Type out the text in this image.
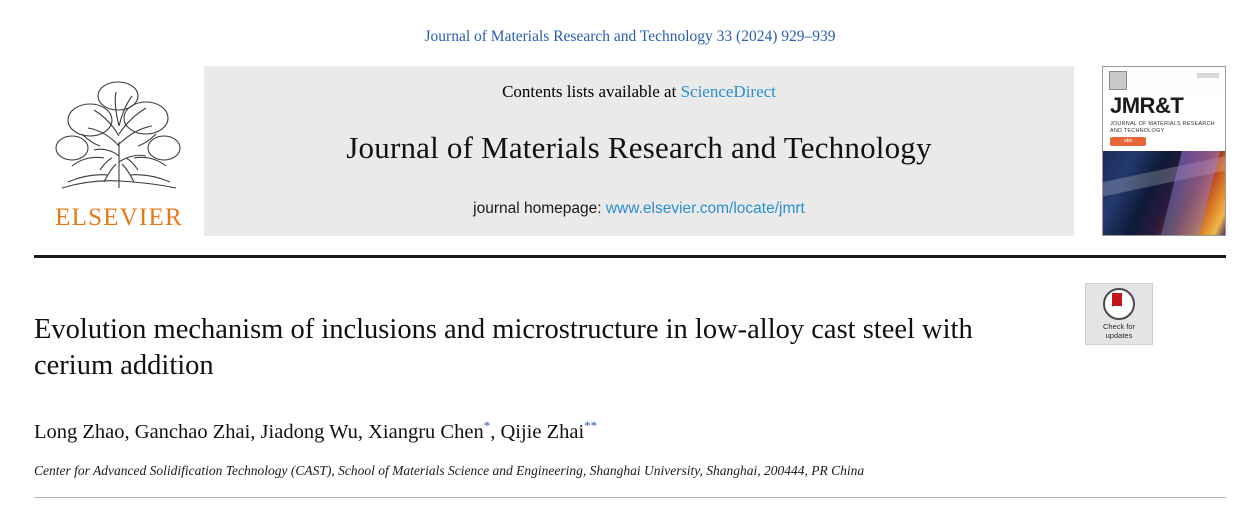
Journal of Materials Research and Technology 33 (2024) 929–939
ELSEVIER
Contents lists available at ScienceDirect
Journal of Materials Research and Technology
journal homepage: www.elsevier.com/locate/jmrt
JMR&T
JOURNAL OF MATERIALS RESEARCH AND TECHNOLOGY
abs
Evolution mechanism of inclusions and microstructure in low-alloy cast steel with cerium addition
Long Zhao, Ganchao Zhai, Jiadong Wu, Xiangru Chen*, Qijie Zhai**
Center for Advanced Solidification Technology (CAST), School of Materials Science and Engineering, Shanghai University, Shanghai, 200444, PR China
Check for
updates
